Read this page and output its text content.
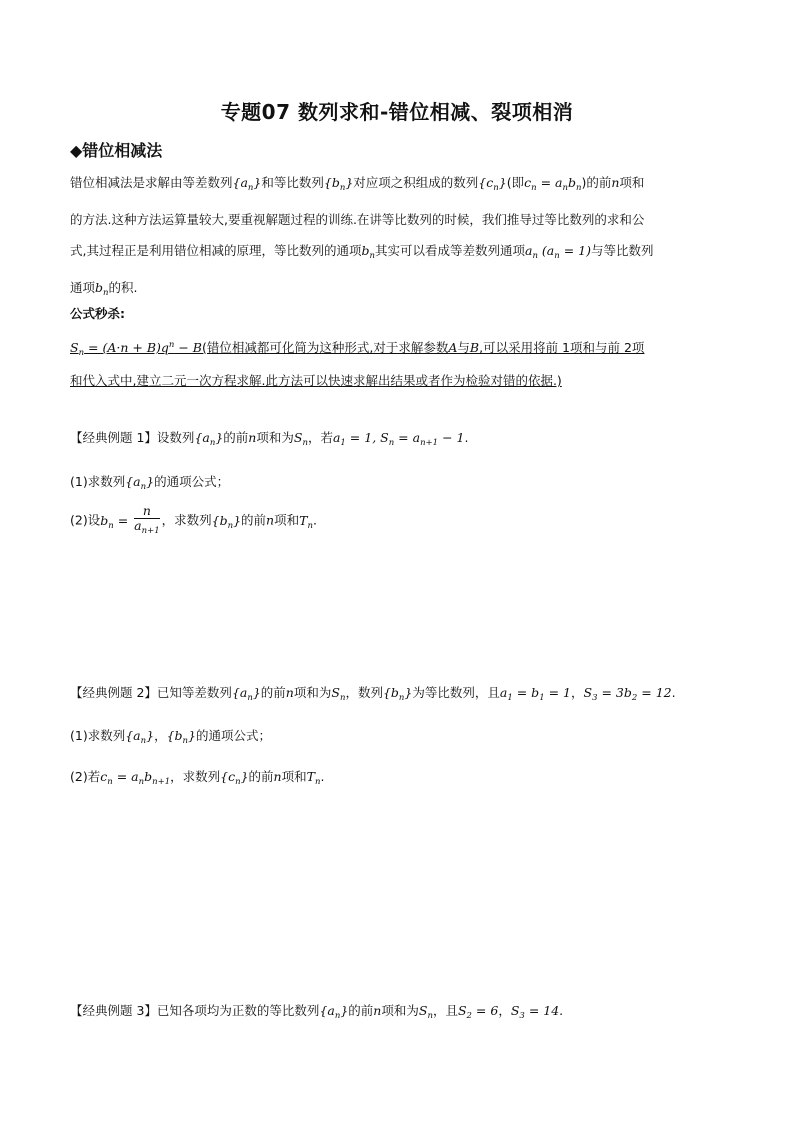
专题07 数列求和-错位相减、裂项相消
◆错位相减法

错位相减法是求解由等差数列$\{a_n\}$和等比数列$\{b_n\}$对应项之积组成的数列$\{c_n\}$(即$c_n = a_nb_n$)的前n项和

的方法.这种方法运算量较大,要重视解题过程的训练.在讲等比数列的时候，我们推导过等比数列的求和公

式,其过程正是利用错位相减的原理，等比数列的通项$b_n$其实可以看成等差数列通项$a_n$ $(a_n = 1)$与等比数列

通项$b_n$的积.

公式秒杀:

$S_n = (A\cdot n + B)q^n - B$(错位相减都可化简为这种形式,对于求解参数A与B,可以采用将前 1项和与前 2项

和代入式中,建立二元一次方程求解.此方法可以快速求解出结果或者作为检验对错的依据.)

【经典例题 1】设数列$\{a_n\}$的前n项和为$S_n$，若$a_1 = 1$, $S_n = a_{n+1} - 1$.
(1)求数列$\{a_n\}$的通项公式；
(2)设$b_n = \frac{n}{a_{n+1}}$ ，求数列$\{b_n\}$的前n项和$T_n$.
【经典例题 2】已知等差数列$\{a_n\}$的前n项和为$S_n$，数列$\{b_n\}$为等比数列，且$a_1 = b_1 = 1$，$S_3 = 3b_2 = 12$.
(1)求数列$\{a_n\}$，$\{b_n\}$的通项公式；
(2)若$c_n = a_nb_{n+1}$，求数列$\{c_n\}$的前n项和$T_n$.
【经典例题 3】已知各项均为正数的等比数列$\{a_n\}$的前n项和为$S_n$，且$S_2 = 6$，$S_3 = 14$.
